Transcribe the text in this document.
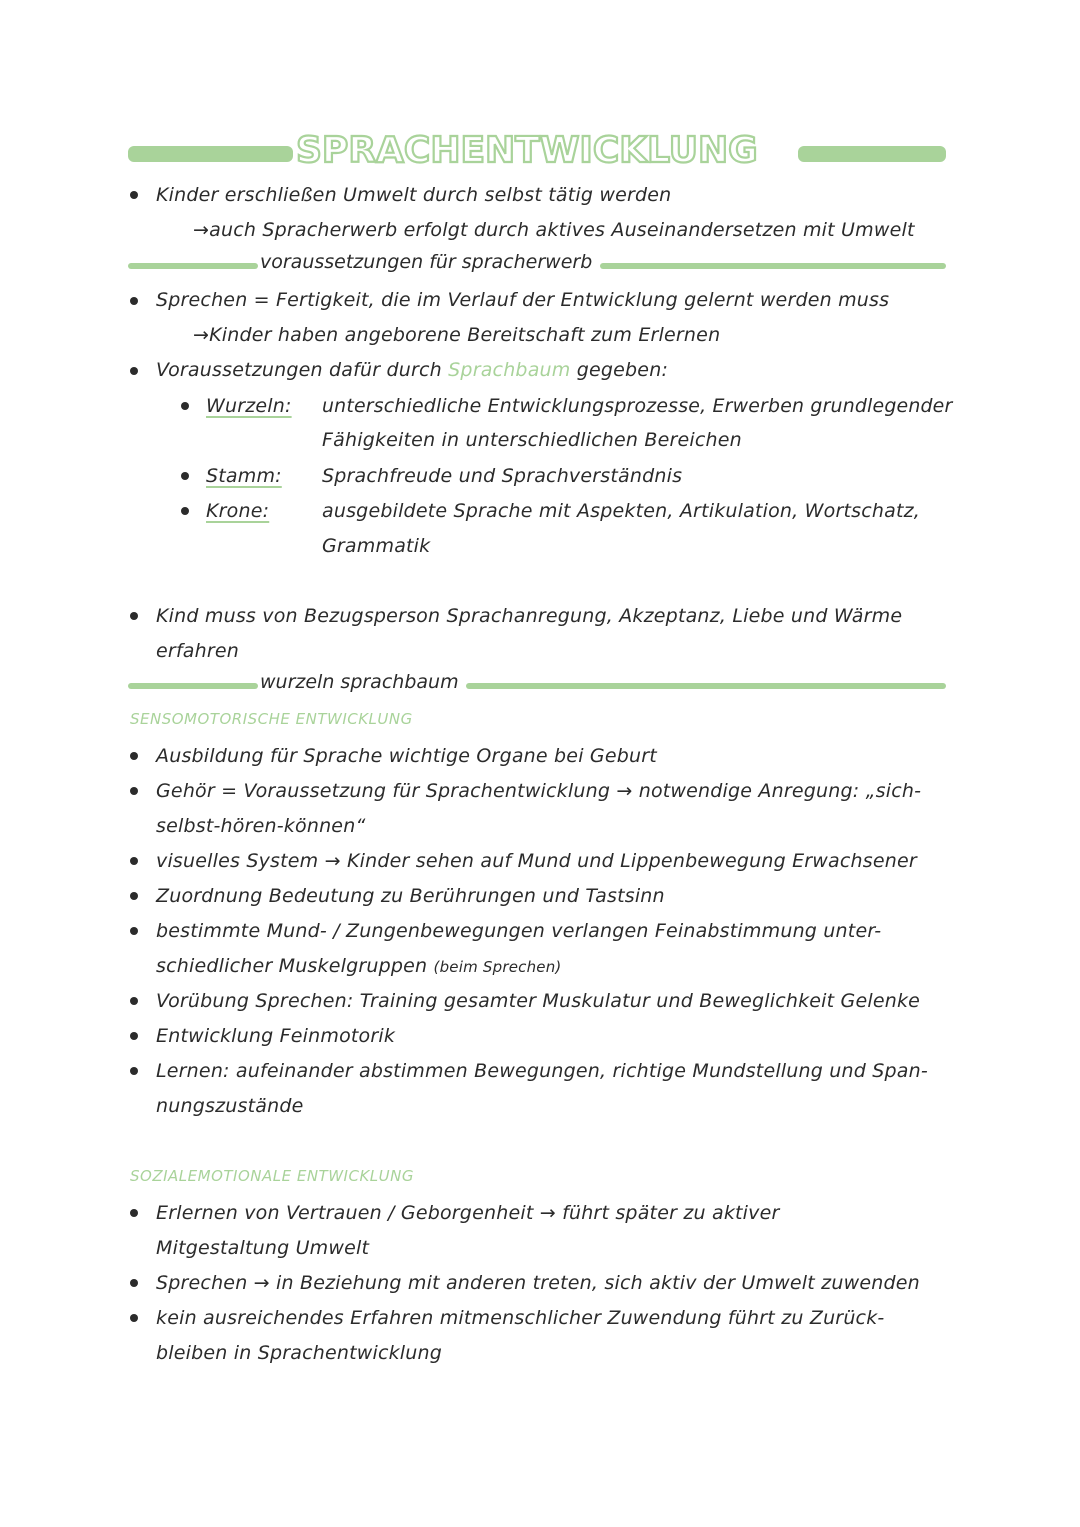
SPRACHENTWICKLUNG
Kinder erschließen Umwelt durch selbst tätig werden
→auch Spracherwerb erfolgt durch aktives Auseinandersetzen mit Umwelt
voraussetzungen für spracherwerb
Sprechen = Fertigkeit, die im Verlauf der Entwicklung gelernt werden muss
→Kinder haben angeborene Bereitschaft zum Erlernen
Voraussetzungen dafür durch Sprachbaum gegeben:
Wurzeln: unterschiedliche Entwicklungsprozesse, Erwerben grundlegender
Fähigkeiten in unterschiedlichen Bereichen
Stamm: Sprachfreude und Sprachverständnis
Krone:	ausgebildete Sprache mit Aspekten, Artikulation, Wortschatz,
Grammatik
Kind muss von Bezugsperson Sprachanregung, Akzeptanz, Liebe und Wärme
erfahren
wurzeln sprachbaum
SENSOMOTORISCHE ENTWICKLUNG
Ausbildung für Sprache wichtige Organe bei Geburt
Gehör = Voraussetzung für Sprachentwicklung → notwendige Anregung: „sich-
selbst-hören-können“
visuelles System → Kinder sehen auf Mund und Lippenbewegung Erwachsener
Zuordnung Bedeutung zu Berührungen und Tastsinn
bestimmte Mund- / Zungenbewegungen verlangen Feinabstimmung unter-
schiedlicher Muskelgruppen (beim Sprechen)
Vorübung Sprechen: Training gesamter Muskulatur und Beweglichkeit Gelenke
Entwicklung Feinmotorik
Lernen: aufeinander abstimmen Bewegungen, richtige Mundstellung und Span-
nungszustände
SOZIALEMOTIONALE ENTWICKLUNG
Erlernen von Vertrauen / Geborgenheit → führt später zu aktiver
Mitgestaltung Umwelt
Sprechen → in Beziehung mit anderen treten, sich aktiv der Umwelt zuwenden
kein ausreichendes Erfahren mitmenschlicher Zuwendung führt zu Zurück-
bleiben in Sprachentwicklung
